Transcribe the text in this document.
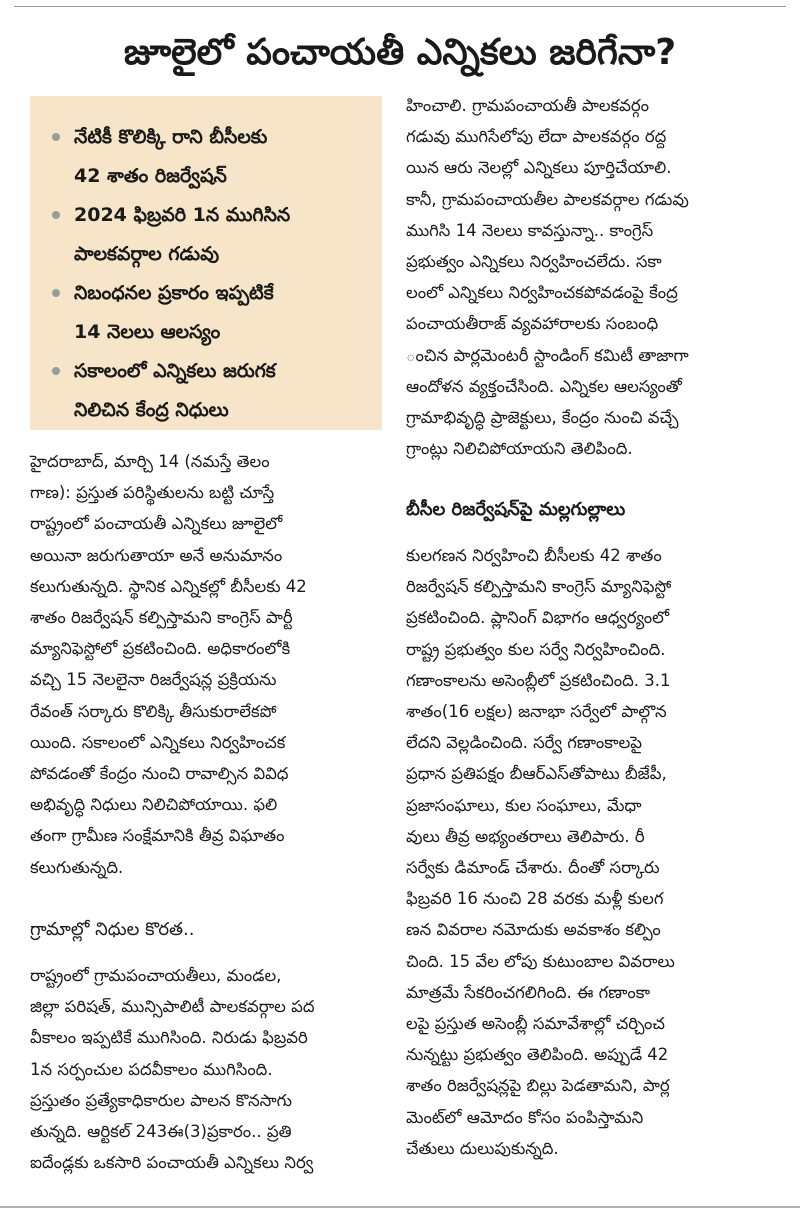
జూలైలో పంచాయతీ ఎన్నికలు జరిగేనా?
నేటికీ కొలిక్కి రాని బీసీలకు
42 శాతం రిజర్వేషన్
2024 ఫిబ్రవరి 1న ముగిసిన
పాలకవర్గాల గడువు
నిబంధనల ప్రకారం ఇప్పటికే
14 నెలలు ఆలస్యం
సకాలంలో ఎన్నికలు జరుగక
నిలిచిన కేంద్ర నిధులు

హైదరాబాద్, మార్చి 14 (నమస్తే తెలం
గాణ): ప్రస్తుత పరిస్థితులను బట్టి చూస్తే
రాష్ట్రంలో పంచాయతీ ఎన్నికలు జూలైలో
అయినా జరుగుతాయా అనే అనుమానం
కలుగుతున్నది. స్థానిక ఎన్నికల్లో బీసీలకు 42
శాతం రిజర్వేషన్ కల్పిస్తామని కాంగ్రెస్ పార్టీ
మ్యానిఫెస్టోలో ప్రకటించింది. అధికారంలోకి
వచ్చి 15 నెలలైనా రిజర్వేషన్ల ప్రక్రియను
రేవంత్ సర్కారు కొలిక్కి తీసుకురాలేకపో
యింది. సకాలంలో ఎన్నికలు నిర్వహించక
పోవడంతో కేంద్రం నుంచి రావాల్సిన వివిధ
అభివృద్ధి నిధులు నిలిచిపోయాయి. ఫలి
తంగా గ్రామీణ సంక్షేమానికి తీవ్ర విఘాతం
కలుగుతున్నది.

గ్రామాల్లో నిధుల కొరత..

రాష్ట్రంలో గ్రామపంచాయతీలు, మండల,
జిల్లా పరిషత్, మున్సిపాలిటీ పాలకవర్గాల పద
వీకాలం ఇప్పటికే ముగిసింది. నిరుడు ఫిబ్రవరి
1న సర్పంచుల పదవీకాలం ముగిసింది.
ప్రస్తుతం ప్రత్యేకాధికారుల పాలన కొనసాగు
తున్నది. ఆర్టికల్ 243ఈ(3)ప్రకారం.. ప్రతి
ఐదేండ్లకు ఒకసారి పంచాయతీ ఎన్నికలు నిర్వ

హించాలి. గ్రామపంచాయతీ పాలకవర్గం
గడువు ముగిసేలోపు లేదా పాలకవర్గం రద్ద
యిన ఆరు నెలల్లో ఎన్నికలు పూర్తిచేయాలి.
కానీ, గ్రామపంచాయతీల పాలకవర్గాల గడువు
ముగిసి 14 నెలలు కావస్తున్నా.. కాంగ్రెస్
ప్రభుత్వం ఎన్నికలు నిర్వహించలేదు. సకా
లంలో ఎన్నికలు నిర్వహించకపోవడంపై కేంద్ర
పంచాయతీరాజ్ వ్యవహారాలకు సంబంధి
ంచిన పార్లమెంటరీ స్టాండింగ్ కమిటీ తాజాగా
ఆందోళన వ్యక్తంచేసింది. ఎన్నికల ఆలస్యంతో
గ్రామాభివృద్ధి ప్రాజెక్టులు, కేంద్రం నుంచి వచ్చే
గ్రాంట్లు నిలిచిపోయాయని తెలిపింది.

బీసీల రిజర్వేషన్‌పై మల్లగుల్లాలు

కులగణన నిర్వహించి బీసీలకు 42 శాతం
రిజర్వేషన్ కల్పిస్తామని కాంగ్రెస్ మ్యానిఫెస్టో
ప్రకటించింది. ప్లానింగ్ విభాగం ఆధ్వర్యంలో
రాష్ట్ర ప్రభుత్వం కుల సర్వే నిర్వహించింది.
గణాంకాలను అసెంబ్లీలో ప్రకటించింది. 3.1
శాతం(16 లక్షల) జనాభా సర్వేలో పాల్గొన
లేదని వెల్లడించింది. సర్వే గణాంకాలపై
ప్రధాన ప్రతిపక్షం బీఆర్ఎస్‌తోపాటు బీజేపీ,
ప్రజాసంఘాలు, కుల సంఘాలు, మేధా
వులు తీవ్ర అభ్యంతరాలు తెలిపారు. రీ
సర్వేకు డిమాండ్ చేశారు. దీంతో సర్కారు
ఫిబ్రవరి 16 నుంచి 28 వరకు మళ్లీ కులగ
ణన వివరాల నమోదుకు అవకాశం కల్పిం
చింది. 15 వేల లోపు కుటుంబాల వివరాలు
మాత్రమే సేకరించగలిగింది. ఈ గణాంకా
లపై ప్రస్తుత అసెంబ్లీ సమావేశాల్లో చర్చించ
నున్నట్టు ప్రభుత్వం తెలిపింది. అప్పుడే 42
శాతం రిజర్వేషన్లపై బిల్లు పెడతామని, పార్ల
మెంట్‌లో ఆమోదం కోసం పంపిస్తామని
చేతులు దులుపుకున్నది.
